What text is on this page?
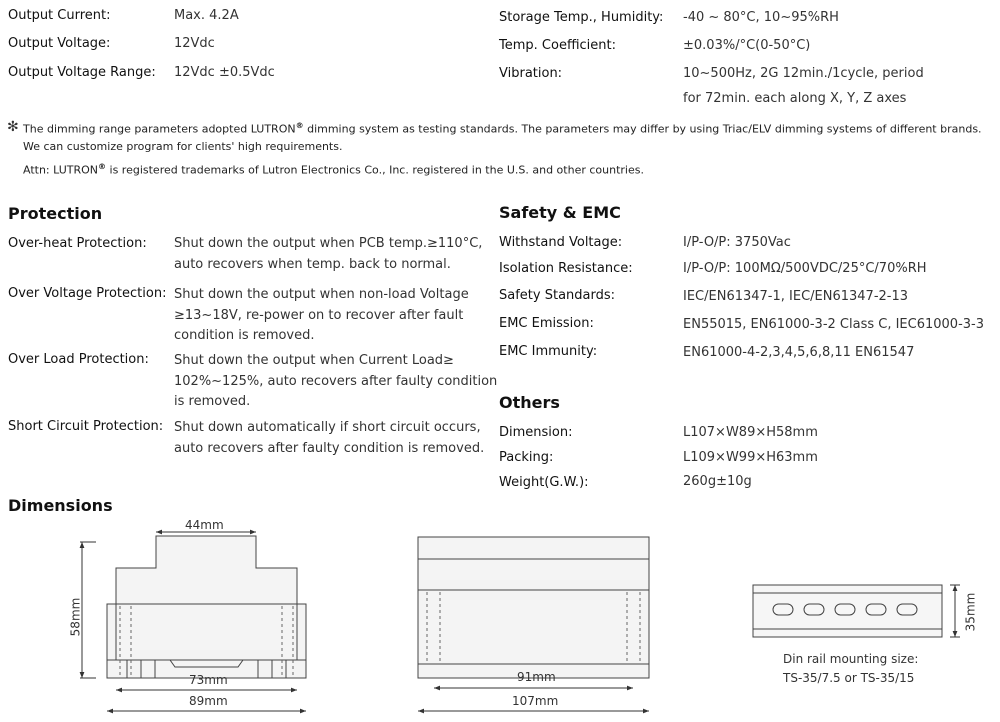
Output Current:	Max. 4.2A
Output Voltage:	12Vdc
Output Voltage Range: 12Vdc ±0.5Vdc
Storage Temp., Humidity: -40 ~ 80°C, 10~95%RH
Temp. Coefficient:	±0.03%/°C(0-50°C)
Vibration:	10~500Hz, 2G 12min./1cycle, period
for 72min. each along X, Y, Z axes
✻ The dimming range parameters adopted LUTRON® dimming system as testing standards. The parameters may differ by using Triac/ELV dimming systems of different brands.
We can customize program for clients' high requirements.
Attn: LUTRON® is registered trademarks of Lutron Electronics Co., Inc. registered in the U.S. and other countries.
Protection
Over-heat Protection: Shut down the output when PCB temp.≥110°C,
auto recovers when temp. back to normal.
Over Voltage Protection: Shut down the output when non-load Voltage
≥13~18V, re-power on to recover after fault
condition is removed.
Over Load Protection: Shut down the output when Current Load≥
102%~125%, auto recovers after faulty condition
is removed.
Short Circuit Protection: Shut down automatically if short circuit occurs,
auto recovers after faulty condition is removed.
Safety & EMC
Withstand Voltage:	I/P-O/P: 3750Vac
Isolation Resistance:	I/P-O/P: 100MΩ/500VDC/25°C/70%RH
Safety Standards:	IEC/EN61347-1, IEC/EN61347-2-13
EMC Emission:	EN55015, EN61000-3-2 Class C, IEC61000-3-3
EMC Immunity:	EN61000-4-2,3,4,5,6,8,11 EN61547
Others
Dimension:	L107×W89×H58mm
Packing:	L109×W99×H63mm
Weight(G.W.):	260g±10g
Dimensions
44mm
58mm
73mm
89mm
91mm
107mm
35mm
Din rail mounting size:
TS-35/7.5 or TS-35/15
